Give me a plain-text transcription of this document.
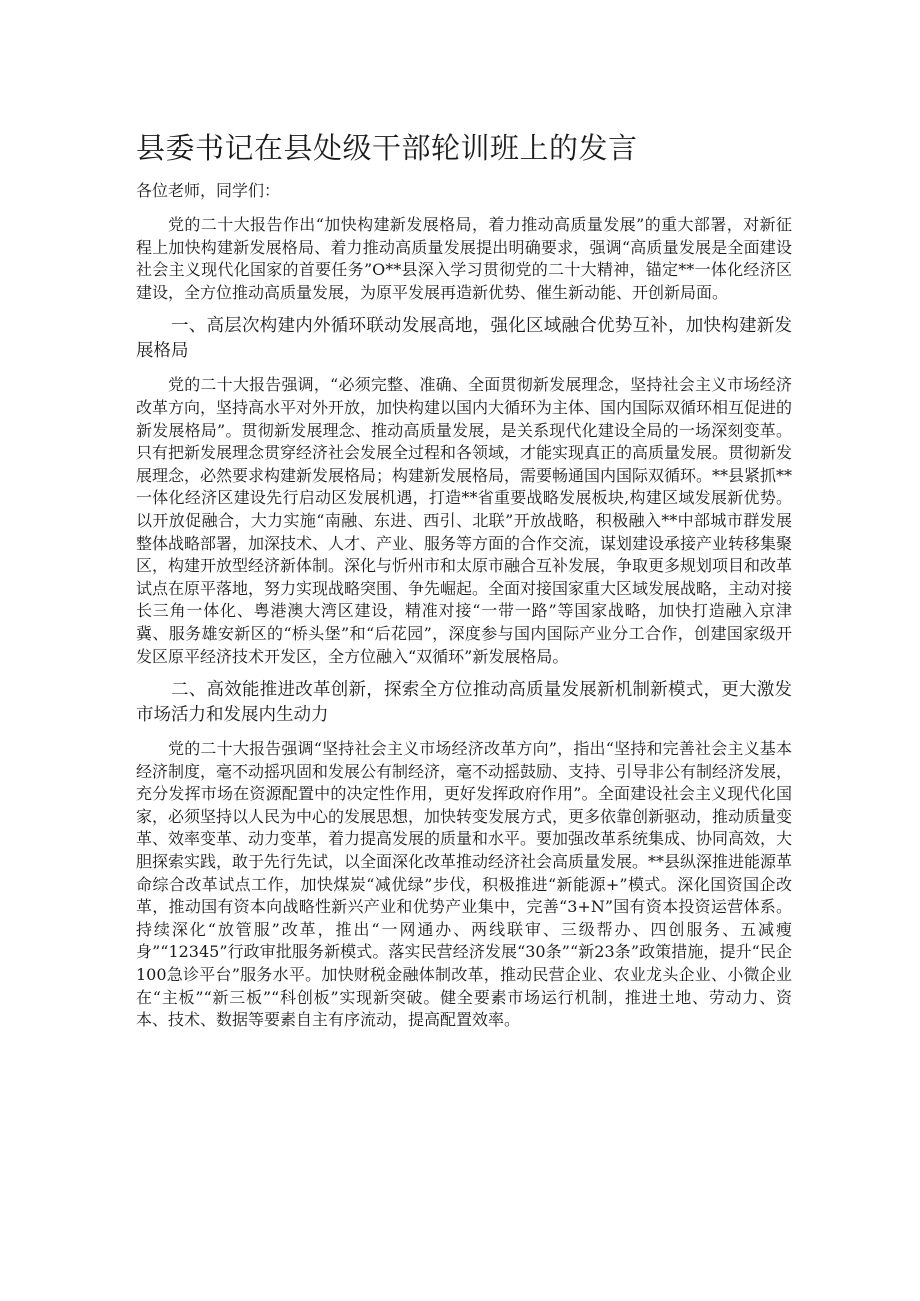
县委书记在县处级干部轮训班上的发言

各位老师，同学们：

党的二十大报告作出“加快构建新发展格局，着力推动高质量发展”的重大部署，对新征程上加快构建新发展格局、着力推动高质量发展提出明确要求，强调“高质量发展是全面建设社会主义现代化国家的首要任务”O**县深入学习贯彻党的二十大精神，锚定**一体化经济区建设，全方位推动高质量发展，为原平发展再造新优势、催生新动能、开创新局面。

一、高层次构建内外循环联动发展高地，强化区域融合优势互补，加快构建新发展格局

党的二十大报告强调，“必须完整、准确、全面贯彻新发展理念，坚持社会主义市场经济改革方向，坚持高水平对外开放，加快构建以国内大循环为主体、国内国际双循环相互促进的新发展格局”。贯彻新发展理念、推动高质量发展，是关系现代化建设全局的一场深刻变革。只有把新发展理念贯穿经济社会发展全过程和各领域，才能实现真正的高质量发展。贯彻新发展理念，必然要求构建新发展格局；构建新发展格局，需要畅通国内国际双循环。**县紧抓**一体化经济区建设先行启动区发展机遇，打造**省重要战略发展板块,构建区域发展新优势。以开放促融合，大力实施“南融、东进、西引、北联”开放战略，积极融入**中部城市群发展整体战略部署，加深技术、人才、产业、服务等方面的合作交流，谋划建设承接产业转移集聚区，构建开放型经济新体制。深化与忻州市和太原市融合互补发展，争取更多规划项目和改革试点在原平落地，努力实现战略突围、争先崛起。全面对接国家重大区域发展战略，主动对接长三角一体化、粤港澳大湾区建设，精准对接“一带一路”等国家战略，加快打造融入京津冀、服务雄安新区的“桥头堡”和“后花园”，深度参与国内国际产业分工合作，创建国家级开发区原平经济技术开发区，全方位融入“双循环”新发展格局。

二、高效能推进改革创新，探索全方位推动高质量发展新机制新模式，更大激发市场活力和发展内生动力

党的二十大报告强调“坚持社会主义市场经济改革方向”，指出“坚持和完善社会主义基本经济制度，毫不动摇巩固和发展公有制经济，毫不动摇鼓励、支持、引导非公有制经济发展，充分发挥市场在资源配置中的决定性作用，更好发挥政府作用”。全面建设社会主义现代化国家，必须坚持以人民为中心的发展思想，加快转变发展方式，更多依靠创新驱动，推动质量变革、效率变革、动力变革，着力提高发展的质量和水平。要加强改革系统集成、协同高效，大胆探索实践，敢于先行先试，以全面深化改革推动经济社会高质量发展。**县纵深推进能源革命综合改革试点工作，加快煤炭“减优绿”步伐，积极推进“新能源+”模式。深化国资国企改革，推动国有资本向战略性新兴产业和优势产业集中，完善“3+N”国有资本投资运营体系。持续深化“放管服”改革，推出“一网通办、两线联审、三级帮办、四创服务、五减瘦身”“12345”行政审批服务新模式。落实民营经济发展“30条”“新23条”政策措施，提升“民企100急诊平台”服务水平。加快财税金融体制改革，推动民营企业、农业龙头企业、小微企业在“主板”“新三板”“科创板”实现新突破。健全要素市场运行机制，推进土地、劳动力、资本、技术、数据等要素自主有序流动，提高配置效率。
